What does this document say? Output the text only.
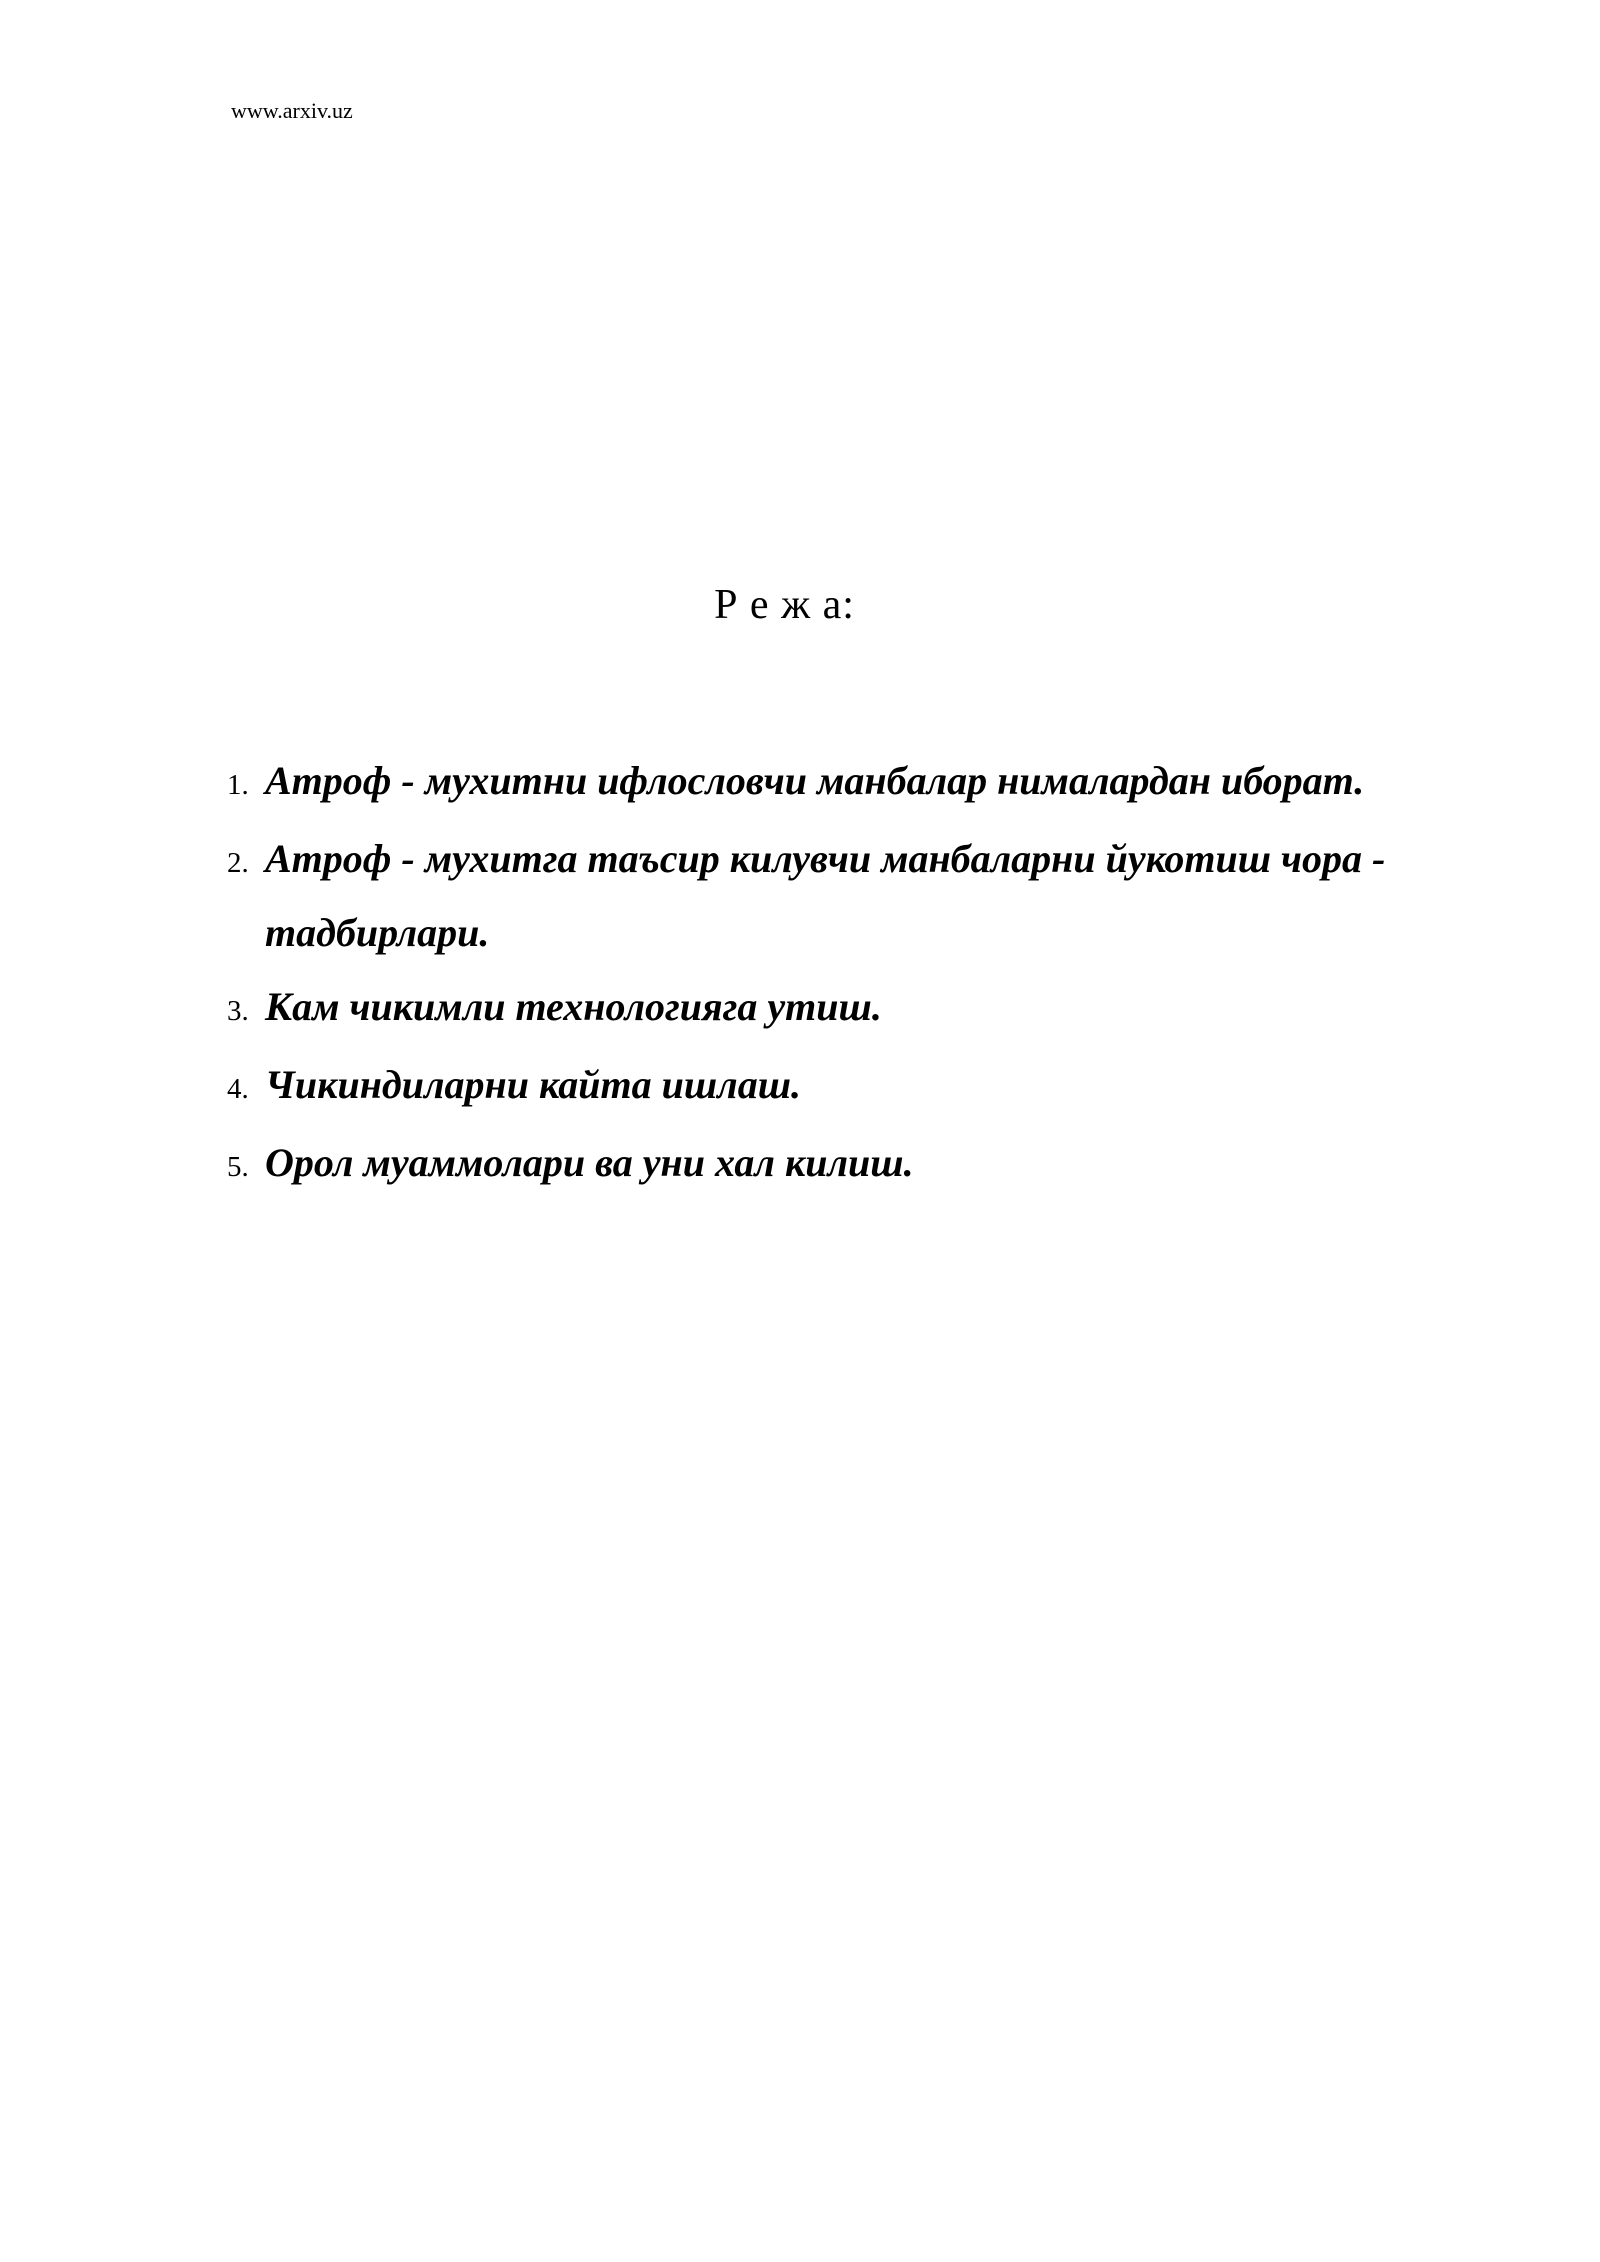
www.arxiv.uz
Р е ж а:
1. Атроф - мухитни ифлословчи манбалар нималардан иборат.
2. Атроф - мухитга таъсир килувчи манбаларни йукотиш чора - тадбирлари.
3. Кам чикимли технологияга утиш.
4. Чикиндиларни кайта ишлаш.
5. Орол муаммолари ва уни хал килиш.
